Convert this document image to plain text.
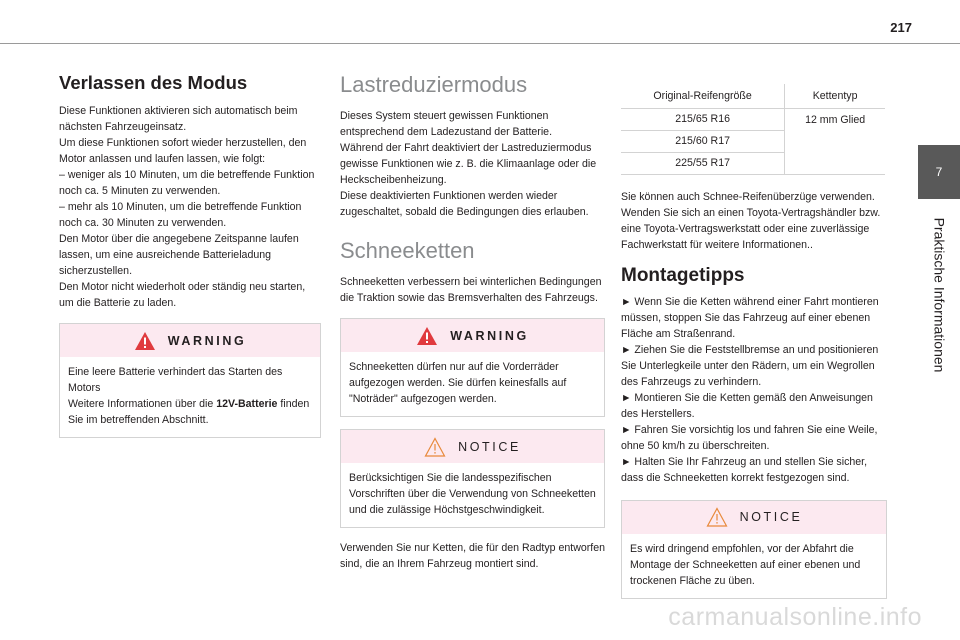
217
7
Praktische Informationen
Verlassen des Modus
Diese Funktionen aktivieren sich automatisch beim nächsten Fahrzeugeinsatz.
Um diese Funktionen sofort wieder herzustellen, den Motor anlassen und laufen lassen, wie folgt:
– weniger als 10 Minuten, um die betreffende Funktion noch ca. 5 Minuten zu verwenden.
– mehr als 10 Minuten, um die betreffende Funktion noch ca. 30 Minuten zu verwenden.
Den Motor über die angegebene Zeitspanne laufen lassen, um eine ausreichende Batterieladung sicherzustellen.
Den Motor nicht wiederholt oder ständig neu starten, um die Batterie zu laden.
WARNING
Eine leere Batterie verhindert das Starten des Motors
Weitere Informationen über die 12V-Batterie finden Sie im betreffenden Abschnitt.
Lastreduziermodus
Dieses System steuert gewissen Funktionen entsprechend dem Ladezustand der Batterie.
Während der Fahrt deaktiviert der Lastreduziermodus gewisse Funktionen wie z. B. die Klimaanlage oder die Heckscheibenheizung.
Diese deaktivierten Funktionen werden wieder zugeschaltet, sobald die Bedingungen dies erlauben.
Schneeketten
Schneeketten verbessern bei winterlichen Bedingungen die Traktion sowie das Bremsverhalten des Fahrzeugs.
WARNING
Schneeketten dürfen nur auf die Vorderräder aufgezogen werden. Sie dürfen keinesfalls auf "Noträder" aufgezogen werden.
NOTICE
Berücksichtigen Sie die landesspezifischen Vorschriften über die Verwendung von Schneeketten und die zulässige Höchstgeschwindigkeit.
Verwenden Sie nur Ketten, die für den Radtyp entworfen sind, die an Ihrem Fahrzeug montiert sind.
Original-Reifengröße	Kettentyp
215/65 R16	12 mm Glied
215/60 R17	
225/55 R17	
Sie können auch Schnee-Reifenüberzüge verwenden. Wenden Sie sich an einen Toyota-Vertragshändler bzw. eine Toyota-Vertragswerkstatt oder eine zuverlässige Fachwerkstatt für weitere Informationen..
Montagetipps
► Wenn Sie die Ketten während einer Fahrt montieren müssen, stoppen Sie das Fahrzeug auf einer ebenen Fläche am Straßenrand.
► Ziehen Sie die Feststellbremse an und positionieren Sie Unterlegkeile unter den Rädern, um ein Wegrollen des Fahrzeugs zu verhindern.
► Montieren Sie die Ketten gemäß den Anweisungen des Herstellers.
► Fahren Sie vorsichtig los und fahren Sie eine Weile, ohne 50 km/h zu überschreiten.
► Halten Sie Ihr Fahrzeug an und stellen Sie sicher, dass die Schneeketten korrekt festgezogen sind.
NOTICE
Es wird dringend empfohlen, vor der Abfahrt die Montage der Schneeketten auf einer ebenen und trockenen Fläche zu üben.
carmanualsonline.info
